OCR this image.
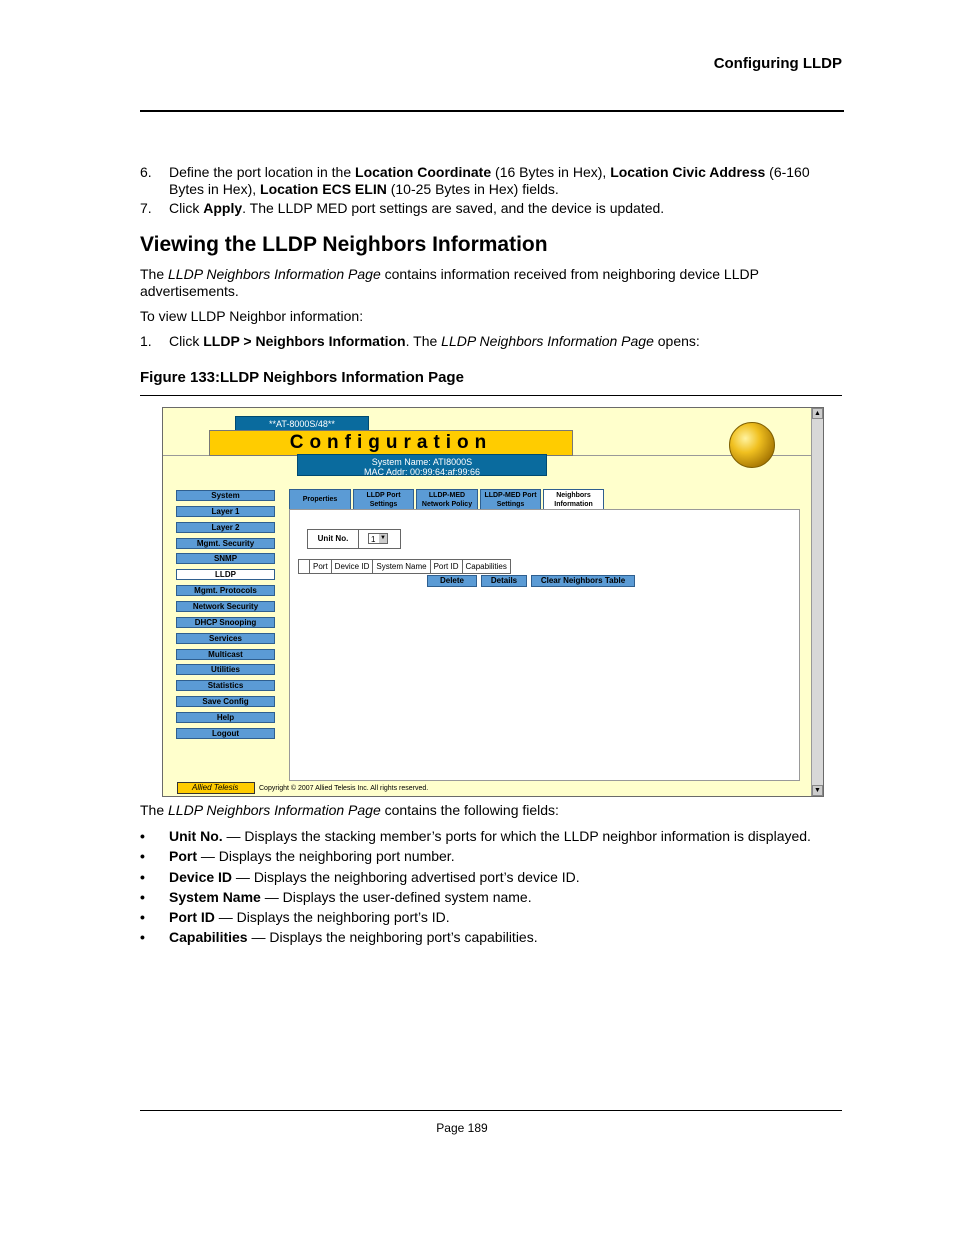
Configuring LLDP
6. Define the port location in the Location Coordinate (16 Bytes in Hex), Location Civic Address (6-160 Bytes in Hex), Location ECS ELIN (10-25 Bytes in Hex) fields.
7. Click Apply. The LLDP MED port settings are saved, and the device is updated.
Viewing the LLDP Neighbors Information
The LLDP Neighbors Information Page contains information received from neighboring device LLDP advertisements.
To view LLDP Neighbor information:
1. Click LLDP > Neighbors Information. The LLDP Neighbors Information Page opens:
Figure 133:LLDP Neighbors Information Page
**AT-8000S/48**
Configuration
System Name: ATI8000S
MAC Addr: 00:99:64:af:99:66
System
Layer 1
Layer 2
Mgmt. Security
SNMP
LLDP
Mgmt. Protocols
Network Security
DHCP Snooping
Services
Multicast
Utilities
Statistics
Save Config
Help
Logout
Properties
LLDP Port
Settings
LLDP-MED
Network Policy
LLDP-MED Port
Settings
Neighbors
Information
Unit No.	1 ▼
	Port	Device ID	System Name	Port ID	Capabilities
Delete	Details	Clear Neighbors Table
Allied Telesis	Copyright © 2007 Allied Telesis Inc. All rights reserved.
▲
▼
The LLDP Neighbors Information Page contains the following fields:
• Unit No. — Displays the stacking member’s ports for which the LLDP neighbor information is displayed.
• Port — Displays the neighboring port number.
• Device ID — Displays the neighboring advertised port’s device ID.
• System Name — Displays the user-defined system name.
• Port ID — Displays the neighboring port’s ID.
• Capabilities — Displays the neighboring port’s capabilities.
Page 189
